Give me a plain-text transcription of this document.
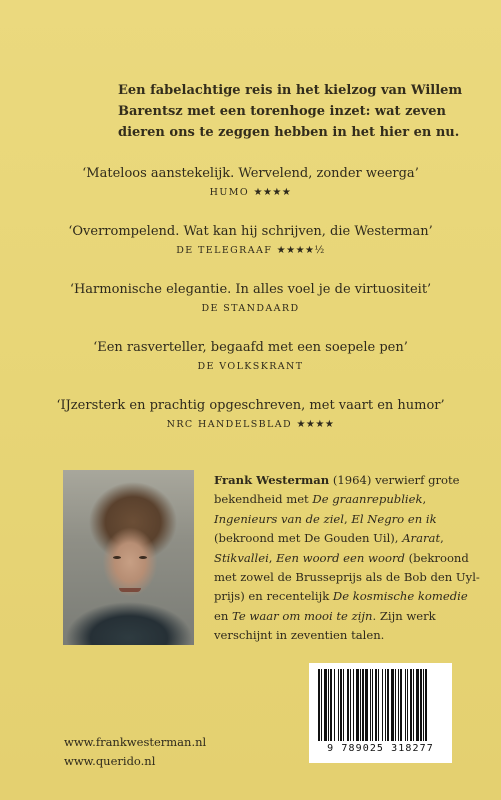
Een fabelachtige reis in het kielzog van Willem Barentsz met een torenhoge inzet: wat zeven dieren ons te zeggen hebben in het hier en nu.

‘Mateloos aanstekelijk. Wervelend, zonder weerga’
HUMO ★★★★
‘Overrompelend. Wat kan hij schrijven, die Westerman’
DE TELEGRAAF ★★★★½
‘Harmonische elegantie. In alles voel je de virtuositeit’
DE STANDAARD
‘Een rasverteller, begaafd met een soepele pen’
DE VOLKSKRANT
‘IJzersterk en prachtig opgeschreven, met vaart en humor’
NRC HANDELSBLAD ★★★★

Frank Westerman (1964) verwierf grote bekendheid met De graanrepubliek, Ingenieurs van de ziel, El Negro en ik (bekroond met De Gouden Uil), Ararat, Stikvallei, Een woord een woord (bekroond met zowel de Brusseprijs als de Bob den Uyl-prijs) en recentelijk De kosmische komedie en Te waar om mooi te zijn. Zijn werk verschijnt in zeventien talen.

9 789025 318277
www.frankwesterman.nl
www.querido.nl
